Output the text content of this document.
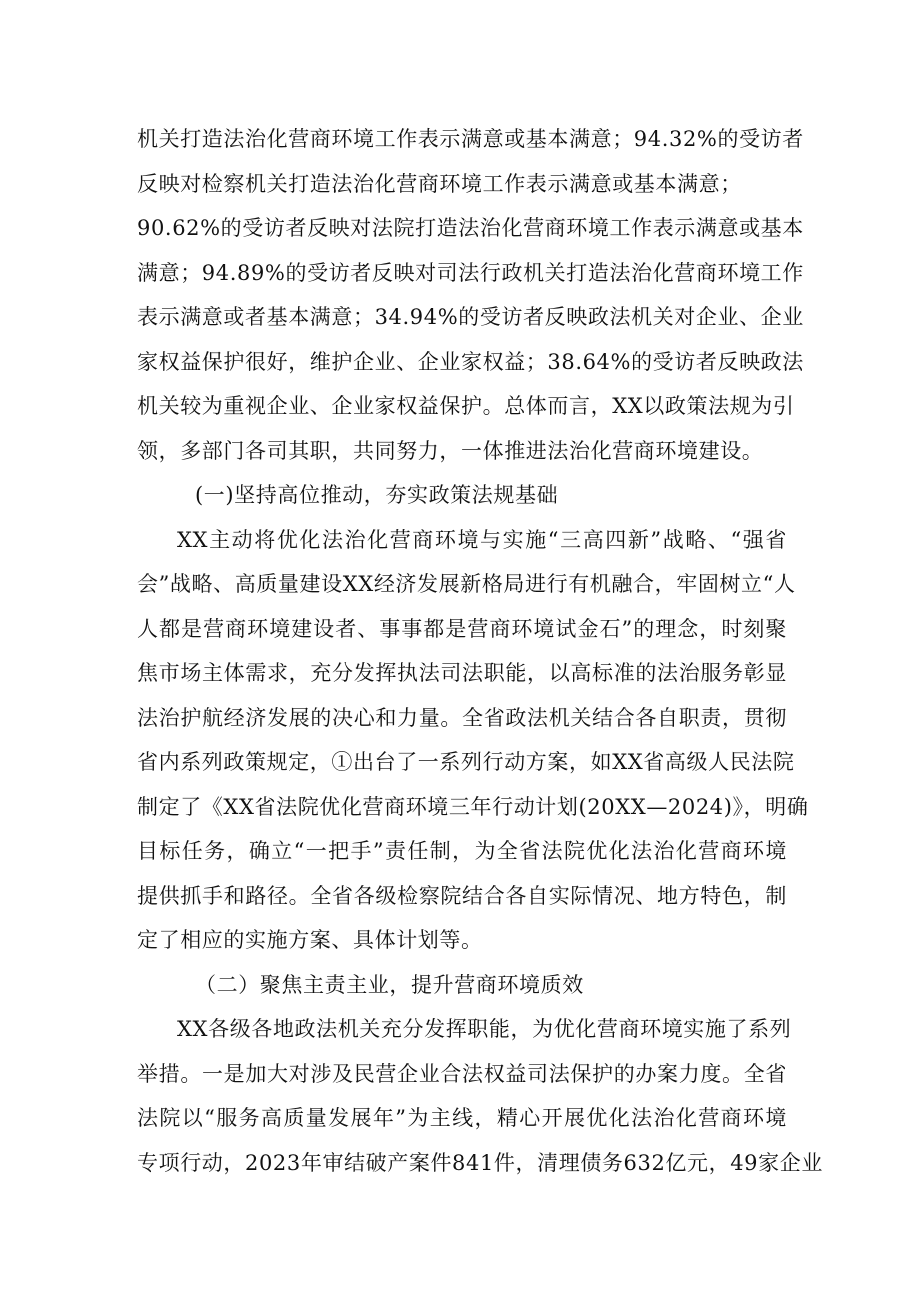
机关打造法治化营商环境工作表示满意或基本满意；94.32%的受访者
反映对检察机关打造法治化营商环境工作表示满意或基本满意；
90.62%的受访者反映对法院打造法治化营商环境工作表示满意或基本
满意；94.89%的受访者反映对司法行政机关打造法治化营商环境工作
表示满意或者基本满意；34.94%的受访者反映政法机关对企业、企业
家权益保护很好，维护企业、企业家权益；38.64%的受访者反映政法
机关较为重视企业、企业家权益保护。总体而言，XX以政策法规为引
领，多部门各司其职，共同努力，一体推进法治化营商环境建设。
(一)坚持高位推动，夯实政策法规基础
XX主动将优化法治化营商环境与实施“三高四新”战略、“强省
会”战略、高质量建设XX经济发展新格局进行有机融合，牢固树立“人
人都是营商环境建设者、事事都是营商环境试金石”的理念，时刻聚
焦市场主体需求，充分发挥执法司法职能，以高标准的法治服务彰显
法治护航经济发展的决心和力量。全省政法机关结合各自职责，贯彻
省内系列政策规定，①出台了一系列行动方案，如XX省高级人民法院
制定了《XX省法院优化营商环境三年行动计划(20XX—2024)》，明确
目标任务，确立“一把手”责任制，为全省法院优化法治化营商环境
提供抓手和路径。全省各级检察院结合各自实际情况、地方特色，制
定了相应的实施方案、具体计划等。
（二）聚焦主责主业，提升营商环境质效
XX各级各地政法机关充分发挥职能，为优化营商环境实施了系列
举措。一是加大对涉及民营企业合法权益司法保护的办案力度。全省
法院以“服务高质量发展年”为主线，精心开展优化法治化营商环境
专项行动，2023年审结破产案件841件，清理债务632亿元，49家企业
